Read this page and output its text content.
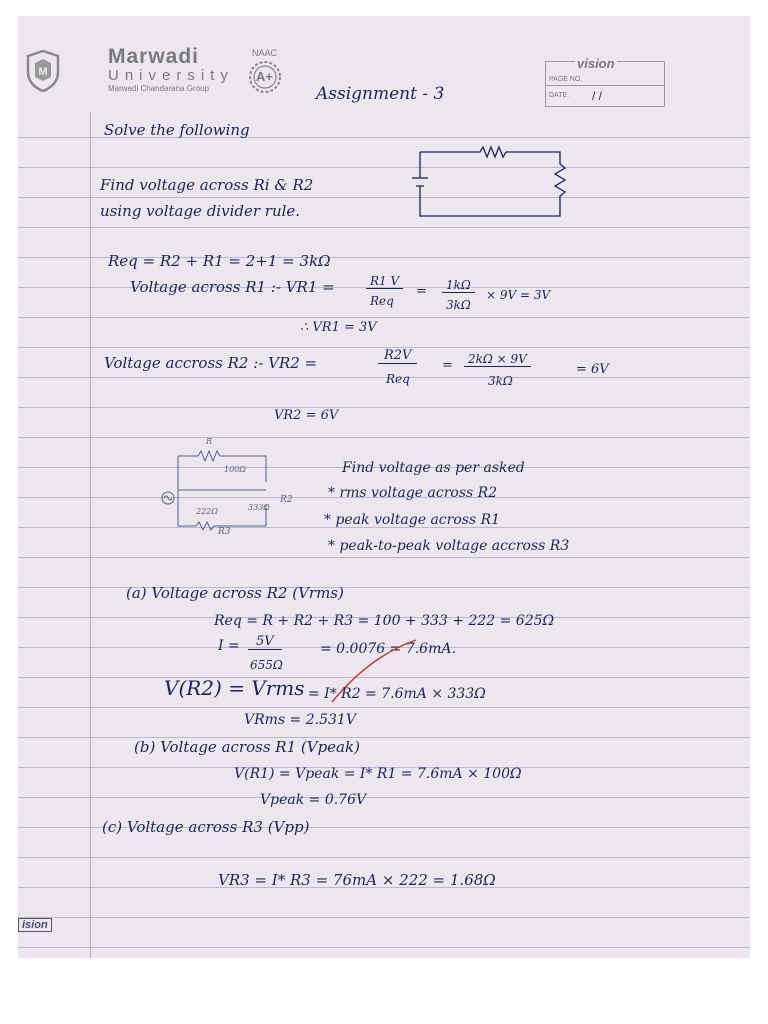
M
Marwadi
University
Marwadi Chandarana Group
NAAC
A+
Assignment - 3
PAGE NO.
DATE:	/ /
vision
Solve the following
Find voltage across Ri & R2
using voltage divider rule.
Req = R2 + R1 = 2+1 = 3kΩ
Voltage across R1 :- VR1 =	R1 V
Req
=	1kΩ
3kΩ
× 9V = 3V
∴ VR1 = 3V
Voltage accross R2 :- VR2 =	R2V
Req
=	2kΩ × 9V
3kΩ
= 6V
VR2 = 6V
R
100Ω
222Ω	333Ω
R2
R3
Find voltage as per asked
* rms voltage across R2
* peak voltage across R1
* peak-to-peak voltage accross R3
(a) Voltage across R2 (Vrms)
Req = R + R2 + R3 = 100 + 333 + 222 = 625Ω
I =	5V
655Ω
= 0.0076 = 7.6mA.
V(R2) = Vrms = I* R2 = 7.6mA × 333Ω
VRms = 2.531V
(b) Voltage across R1 (Vpeak)
V(R1) = Vpeak = I* R1 = 7.6mA × 100Ω
Vpeak = 0.76V
(c) Voltage across R3 (Vpp)
VR3 = I* R3 = 76mA × 222 = 1.68Ω
ision
